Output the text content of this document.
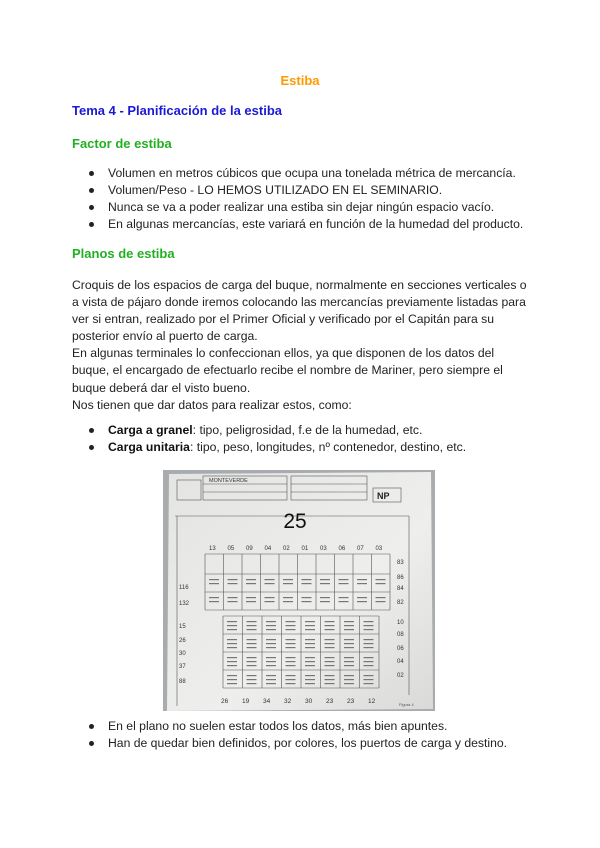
Estiba
Tema 4 - Planificación de la estiba
Factor de estiba
Volumen en metros cúbicos que ocupa una tonelada métrica de mercancía.
Volumen/Peso - LO HEMOS UTILIZADO EN EL SEMINARIO.
Nunca se va a poder realizar una estiba sin dejar ningún espacio vacío.
En algunas mercancías, este variará en función de la humedad del producto.
Planos de estiba
Croquis de los espacios de carga del buque, normalmente en secciones verticales o
a vista de pájaro donde iremos colocando las mercancías previamente listadas para
ver si entran, realizado por el Primer Oficial y verificado por el Capitán para su
posterior envío al puerto de carga.
En algunas terminales lo confeccionan ellos, ya que disponen de los datos del
buque, el encargado de efectuarlo recibe el nombre de Mariner, pero siempre el
buque deberá dar el visto bueno.
Nos tienen que dar datos para realizar estos, como:
Carga a granel: tipo, peligrosidad, f.e de la humedad, etc.
Carga unitaria: tipo, peso, longitudes, nº contenedor, destino, etc.
MONTEVERDE
NP
25
13 05 09 04 02 01 03 06 07 03
83
86
84
82
10
08
06
04
02
116
132
15
26
30
37
88
26 19 34 32 30 23 23 12	Figura 4
En el plano no suelen estar todos los datos, más bien apuntes.
Han de quedar bien definidos, por colores, los puertos de carga y destino.
